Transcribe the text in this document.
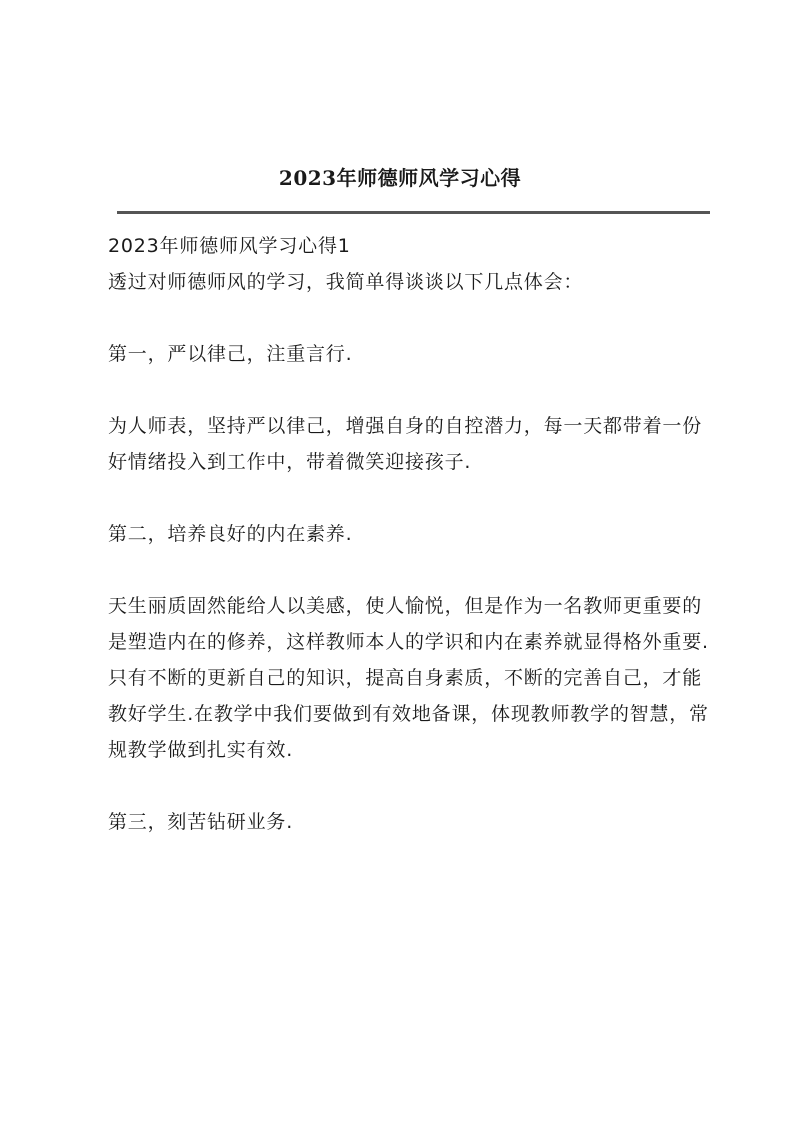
2023年师德师风学习心得

2023年师德师风学习心得1

透过对师德师风的学习，我简单得谈谈以下几点体会：

第一，严以律己，注重言行.

为人师表，坚持严以律己，增强自身的自控潜力，每一天都带着一份好情绪投入到工作中，带着微笑迎接孩子.

第二，培养良好的内在素养.

天生丽质固然能给人以美感，使人愉悦，但是作为一名教师更重要的是塑造内在的修养，这样教师本人的学识和内在素养就显得格外重要.只有不断的更新自己的知识，提高自身素质，不断的完善自己，才能教好学生.在教学中我们要做到有效地备课，体现教师教学的智慧，常规教学做到扎实有效.

第三，刻苦钻研业务.
